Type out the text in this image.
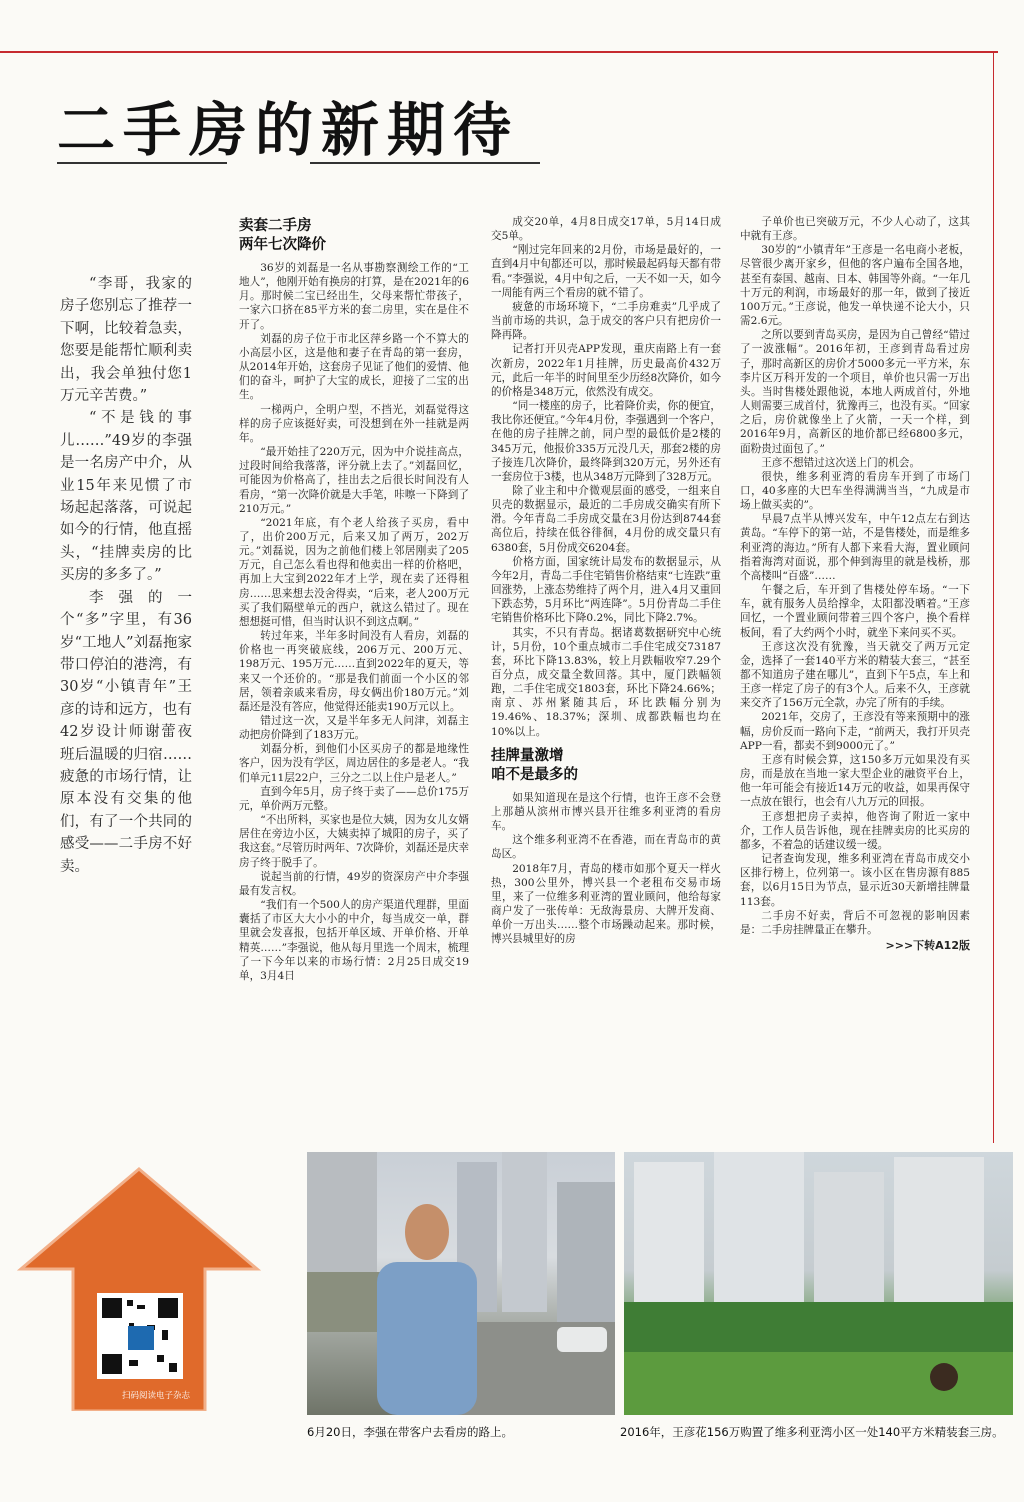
二手房的新期待

“李哥，我家的房子您别忘了推荐一下啊，比较着急卖，您要是能帮忙顺利卖出，我会单独付您1万元辛苦费。”

“不是钱的事儿……”49岁的李强是一名房产中介，从业15年来见惯了市场起起落落，可说起如今的行情，他直摇头，“挂牌卖房的比买房的多多了。”

李强的一个“多”字里，有36岁“工地人”刘磊拖家带口停泊的港湾，有30岁“小镇青年”王彦的诗和远方，也有42岁设计师谢蕾夜班后温暖的归宿……疲惫的市场行情，让原本没有交集的他们，有了一个共同的感受——二手房不好卖。

卖套二手房
两年七次降价

36岁的刘磊是一名从事勘察测绘工作的“工地人”，他刚开始有换房的打算，是在2021年的6月。那时候二宝已经出生，父母来帮忙带孩子，一家六口挤在85平方米的套二房里，实在是住不开了。

刘磊的房子位于市北区萍乡路一个不算大的小高层小区，这是他和妻子在青岛的第一套房，从2014年开始，这套房子见证了他们的爱情、他们的奋斗，呵护了大宝的成长，迎接了二宝的出生。

一梯两户，全明户型，不挡光，刘磊觉得这样的房子应该挺好卖，可没想到在外一挂就是两年。

“最开始挂了220万元，因为中介说挂高点，过段时间给我落落，评分就上去了。”刘磊回忆，可能因为价格高了，挂出去之后很长时间没有人看房，“第一次降价就是大手笔，咔嚓一下降到了210万元。”

“2021年底，有个老人给孩子买房，看中了，出价200万元，后来又加了两万，202万元。”刘磊说，因为之前他们楼上邻居刚卖了205万元，自己怎么看也得和他卖出一样的价格吧，再加上大宝到2022年才上学，现在卖了还得租房……思来想去没舍得卖，“后来，老人200万元买了我们隔壁单元的西户，就这么错过了。现在想想挺可惜，但当时认识不到这点啊。”

转过年来，半年多时间没有人看房，刘磊的价格也一再突破底线，206万元、200万元、198万元、195万元……直到2022年的夏天，等来又一个还价的。“那是我们前面一个小区的邻居，领着亲戚来看房，母女俩出价180万元。”刘磊还是没有答应，他觉得还能卖190万元以上。

错过这一次，又是半年多无人问津，刘磊主动把房价降到了183万元。

刘磊分析，到他们小区买房子的都是地缘性客户，因为没有学区，周边居住的多是老人。“我们单元11层22户，三分之二以上住户是老人。”

直到今年5月，房子终于卖了——总价175万元，单价两万元整。

“不出所料，买家也是位大姨，因为女儿女婿居住在旁边小区，大姨卖掉了城阳的房子，买了我这套。”尽管历时两年、7次降价，刘磊还是庆幸房子终于脱手了。

说起当前的行情，49岁的资深房产中介李强最有发言权。

“我们有一个500人的房产渠道代理群，里面囊括了市区大大小小的中介，每当成交一单，群里就会发喜报，包括开单区域、开单价格、开单精英……”李强说，他从每月里选一个周末，梳理了一下今年以来的市场行情：2月25日成交19单，3月4日

成交20单，4月8日成交17单，5月14日成交5单。

“刚过完年回来的2月份，市场是最好的，一直到4月中旬都还可以，那时候最起码每天都有带看。”李强说，4月中旬之后，一天不如一天，如今一周能有两三个看房的就不错了。

疲惫的市场环境下，“二手房难卖”几乎成了当前市场的共识，急于成交的客户只有把房价一降再降。

记者打开贝壳APP发现，重庆南路上有一套次新房，2022年1月挂牌，历史最高价432万元，此后一年半的时间里至少历经8次降价，如今的价格是348万元，依然没有成交。

“同一楼座的房子，比着降价卖，你的便宜，我比你还便宜。”今年4月份，李强遇到一个客户，在他的房子挂牌之前，同户型的最低价是2楼的345万元，他报价335万元没几天，那套2楼的房子接连几次降价，最终降到320万元，另外还有一套房位于3楼，也从348万元降到了328万元。

除了业主和中介微观层面的感受，一组来自贝壳的数据显示，最近的二手房成交确实有所下滑。今年青岛二手房成交量在3月份达到8744套高位后，持续在低谷徘徊，4月份的成交量只有6380套，5月份成交6204套。

价格方面，国家统计局发布的数据显示，从今年2月，青岛二手住宅销售价格结束“七连跌”重回涨势，上涨态势维持了两个月，进入4月又重回下跌态势，5月环比“两连降”。5月份青岛二手住宅销售价格环比下降0.2%，同比下降2.7%。

其实，不只有青岛。据诸葛数据研究中心统计，5月份，10个重点城市二手住宅成交73187套，环比下降13.83%，较上月跌幅收窄7.29个百分点，成交量全数回落。其中，厦门跌幅领跑，二手住宅成交1803套，环比下降24.66%；南京、苏州紧随其后，环比跌幅分别为19.46%、18.37%；深圳、成都跌幅也均在10%以上。

挂牌量激增
咱不是最多的

如果知道现在是这个行情，也许王彦不会登上那趟从滨州市博兴县开往维多利亚湾的看房车。

这个维多利亚湾不在香港，而在青岛市的黄岛区。

2018年7月，青岛的楼市如那个夏天一样火热，300公里外，博兴县一个老租布交易市场里，来了一位维多利亚湾的置业顾问，他给每家商户发了一张传单：无敌海景房、大牌开发商、单价一万出头……整个市场躁动起来。那时候，博兴县城里好的房

子单价也已突破万元，不少人心动了，这其中就有王彦。

30岁的“小镇青年”王彦是一名电商小老板，尽管很少离开家乡，但他的客户遍布全国各地，甚至有泰国、越南、日本、韩国等外商。“一年几十万元的利润，市场最好的那一年，做到了接近100万元。”王彦说，他发一单快递不论大小，只需2.6元。

之所以要到青岛买房，是因为自己曾经“错过了一波涨幅”。2016年初，王彦到青岛看过房子，那时高新区的房价才5000多元一平方米，东李片区万科开发的一个项目，单价也只需一万出头。当时售楼处跟他说，本地人两成首付，外地人则需要三成首付，犹豫再三，也没有买。“回家之后，房价就像坐上了火箭，一天一个样，到2016年9月，高新区的地价都已经6800多元，面粉贵过面包了。”

王彦不想错过这次送上门的机会。

很快，维多利亚湾的看房车开到了市场门口，40多座的大巴车坐得满满当当，“九成是市场上做买卖的”。

早晨7点半从博兴发车，中午12点左右到达黄岛。“车停下的第一站，不是售楼处，而是维多利亚湾的海边。”所有人都下来看大海，置业顾问指着海湾对面说，那个伸到海里的就是栈桥，那个高楼叫“百盛”……

午餐之后，车开到了售楼处停车场。“一下车，就有服务人员给撑伞，太阳都没晒着。”王彦回忆，一个置业顾问带着三四个客户，换个看样板间，看了大约两个小时，就坐下来问买不买。

王彦这次没有犹豫，当天就交了两万元定金，选择了一套140平方米的精装大套三，“甚至都不知道房子建在哪儿”，直到下午5点，车上和王彦一样定了房子的有3个人。后来不久，王彦就来交齐了156万元全款，办完了所有的手续。

2021年，交房了，王彦没有等来预期中的涨幅，房价反而一路向下走，“前两天，我打开贝壳APP一看，都卖不到9000元了。”

王彦有时候会算，这150多万元如果没有买房，而是放在当地一家大型企业的融资平台上，他一年可能会有接近14万元的收益，如果再保守一点放在银行，也会有八九万元的回报。

王彦想把房子卖掉，他咨询了附近一家中介，工作人员告诉他，现在挂牌卖房的比买房的都多，不着急的话建议缓一缓。

记者查询发现，维多利亚湾在青岛市成交小区排行榜上，位列第一。该小区在售房源有885套，以6月15日为节点，显示近30天新增挂牌量113套。

二手房不好卖，背后不可忽视的影响因素是：二手房挂牌量正在攀升。

>>>下转A12版
扫码阅读电子杂志
6月20日，李强在带客户去看房的路上。	2016年，王彦花156万购置了维多利亚湾小区一处140平方米精装套三房。
